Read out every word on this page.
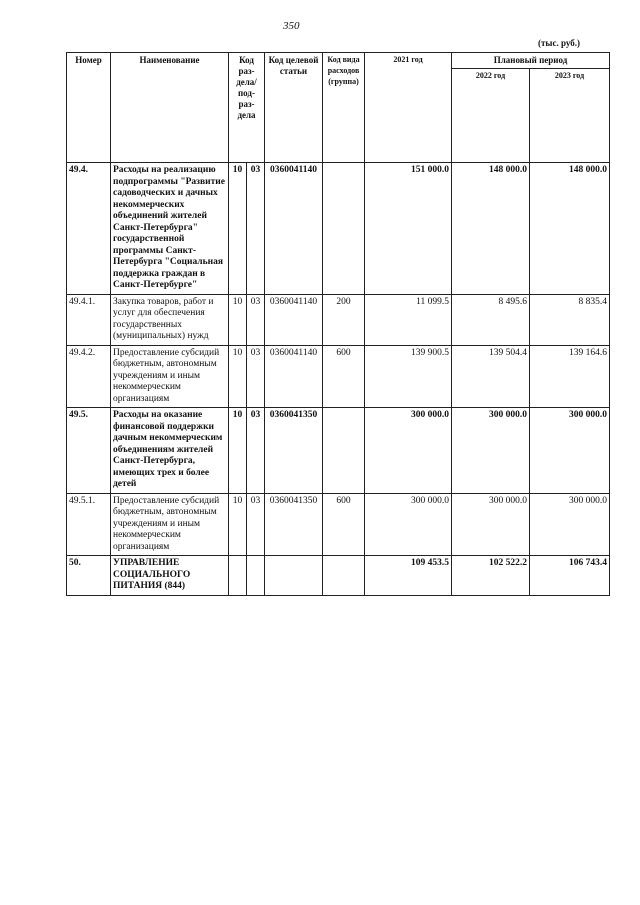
350
(тыс. руб.)
Номер	Наименование	Код раз-дела/ под-раз-дела		Код целевой статьи	Код вида расходов (группа)	2021 год	Плановый период	
							2022 год	2023 год
49.4.	Расходы на реализацию подпрограммы "Развитие садоводческих и дачных некоммерческих объединений жителей Санкт-Петербурга" государственной программы Санкт-Петербурга "Социальная поддержка граждан в Санкт-Петербурге"	10	03	0360041140		151 000.0	148 000.0	148 000.0
49.4.1.	Закупка товаров, работ и услуг для обеспечения государственных (муниципальных) нужд	10	03	0360041140	200	11 099.5	8 495.6	8 835.4
49.4.2.	Предоставление субсидий бюджетным, автономным учреждениям и иным некоммерческим организациям	10	03	0360041140	600	139 900.5	139 504.4	139 164.6
49.5.	Расходы на оказание финансовой поддержки дачным некоммерческим объединениям жителей Санкт-Петербурга, имеющих трех и более детей	10	03	0360041350		300 000.0	300 000.0	300 000.0
49.5.1.	Предоставление субсидий бюджетным, автономным учреждениям и иным некоммерческим организациям	10	03	0360041350	600	300 000.0	300 000.0	300 000.0
50.	УПРАВЛЕНИЕ СОЦИАЛЬНОГО ПИТАНИЯ (844)					109 453.5	102 522.2	106 743.4
